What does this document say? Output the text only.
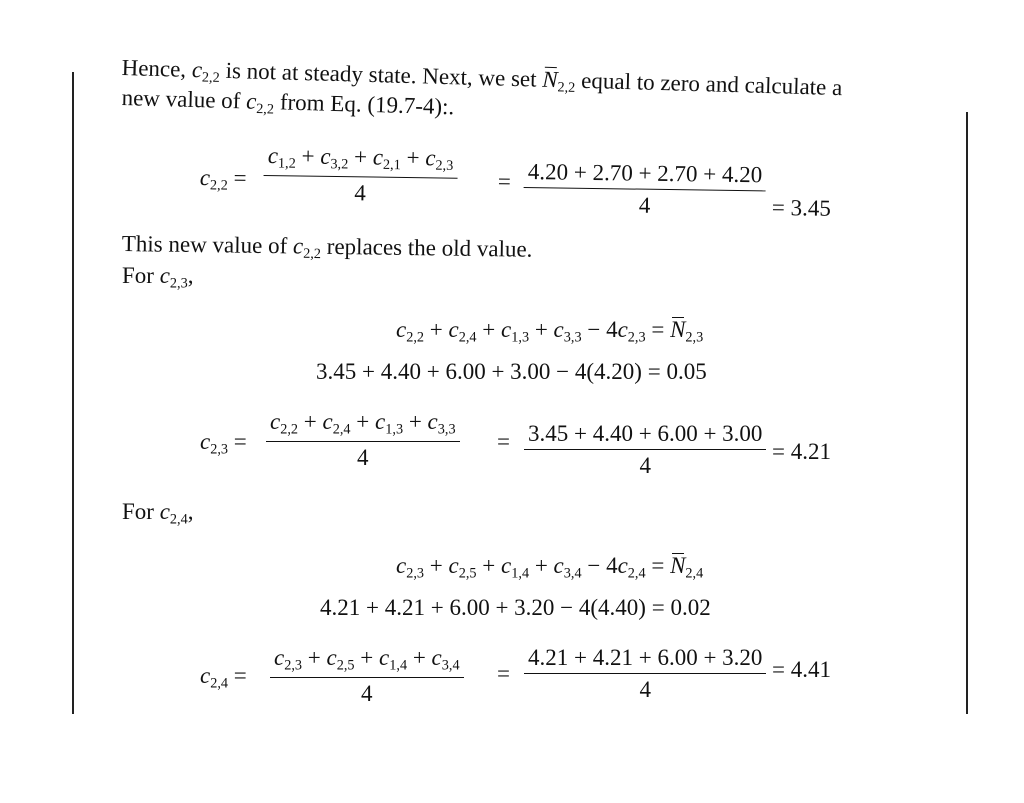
Hence, $c_{2,2}$ is not at steady state. Next, we set $N_{2,2}$ equal to zero and calculate a
new value of $c_{2,2}$ from Eq. (19.7-4):.
$c_{2,2} = \frac{c_{1,2} + c_{3,2} + c_{2,1} + c_{2,3}}{4} = \frac{4.20 + 2.70 + 2.70 + 4.20}{4} = 3.45$
This new value of $c_{2,2}$ replaces the old value.
For $c_{2,3}$,
$c_{2,2} + c_{2,4} + c_{1,3} + c_{3,3} - 4c_{2,3} = N_{2,3}$
3.45 + 4.40 + 6.00 + 3.00 − 4(4.20) = 0.05
$c_{2,3} = \frac{c_{2,2} + c_{2,4} + c_{1,3} + c_{3,3}}{4} = \frac{3.45 + 4.40 + 6.00 + 3.00}{4} = 4.21$
For $c_{2,4}$,
$c_{2,3} + c_{2,5} + c_{1,4} + c_{3,4} - 4c_{2,4} = N_{2,4}$
4.21 + 4.21 + 6.00 + 3.20 − 4(4.40) = 0.02
$c_{2,4} = \frac{c_{2,3} + c_{2,5} + c_{1,4} + c_{3,4}}{4} = \frac{4.21 + 4.21 + 6.00 + 3.20}{4} = 4.41$
